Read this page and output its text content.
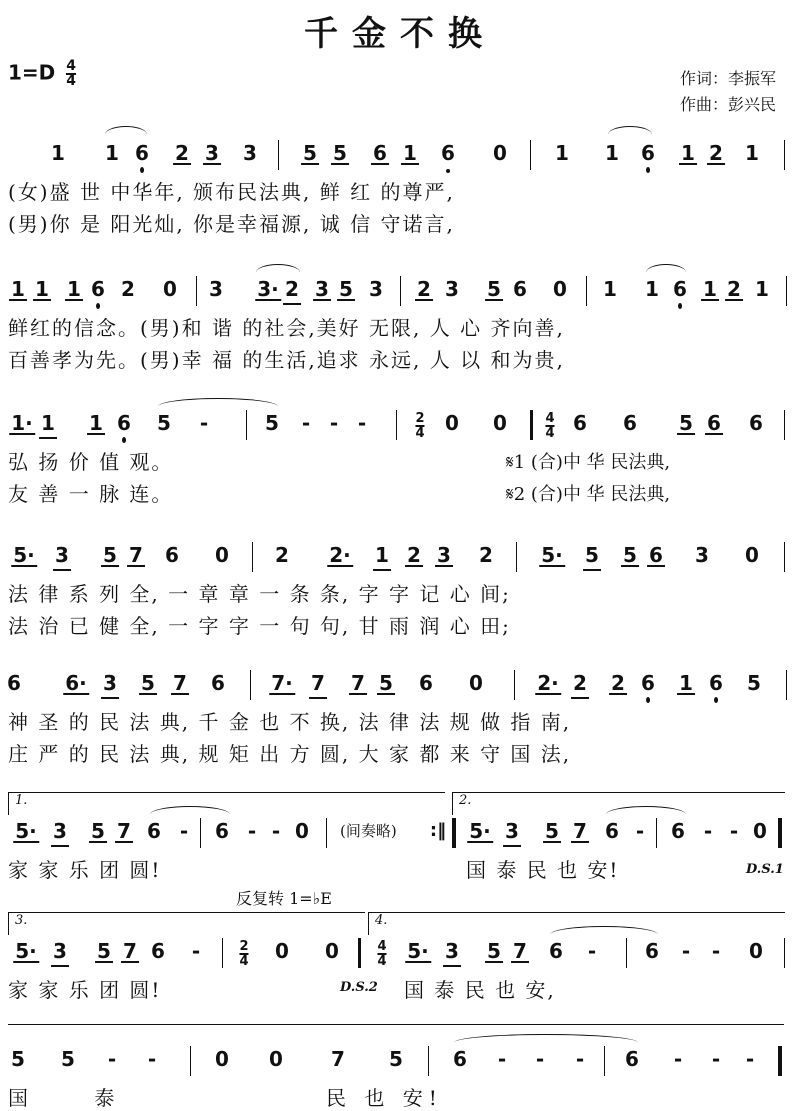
千金不换
$1=D \frac{4}{4}$	作词：李振军
作曲：彭兴民
1 1 6 2 3 3 5 5 6 1 6 0 1 1 6 1 2 1
(女)盛 世 中华年, 颁布民法典, 鲜 红 的尊严,
(男)你 是 阳光灿, 你是幸福源, 诚 信 守诺言,
1 1 1 6 2 0 3 3· 2 3 5 3 2 3 5 6 0 1 1 6 1 2 1
鲜红的信念。(男)和 谐 的社会,美好 无限, 人 心 齐向善,
百善孝为先。(男)幸 福 的生活,追求 永远, 人 以 和为贵,
1· 1 1 6 5 -	5 - - -	2
4 0 0	4
4 6 6 5 6 6
弘 扬 价 值 观。
友 善 一 脉 连。
𝄋1 (合)中 华 民法典,
𝄋2 (合)中 华 民法典,
5· 3 5 7 6 0 2 2· 1 2 3 2 5· 5 5 6 3 0
法 律 系 列 全, 一 章 章 一 条 条, 字 字 记 心 间;
法 治 已 健 全, 一 字 字 一 句 句, 甘 雨 润 心 田;
6 6· 3 5 7 6 7· 7 7 5 6 0	2· 2 2 6 1 6 5
神 圣 的 民 法 典, 千 金 也 不 换, 法 律 法 规 做 指 南,
庄 严 的 民 法 典, 规 矩 出 方 圆, 大 家 都 来 守 国 法,
1.	2.
5· 3 5 7 6 - 6 - - 0 (间奏略) :‖ 5· 3 5 7 6 - 6 - - 0
家 家 乐 团 圆!	国 泰 民 也 安!	D.S.1
反复转 1=♭E
3.	4.
5· 3 5 7 6 -	2
4 0 0	4
4 5· 3 5 7 6 - 6 - - 0
家 家 乐 团 圆!	D.S.2 国 泰 民 也 安,
5 5 - -	0 0 7 5	6 - - - 6 - - -
国 泰	民 也 安!
